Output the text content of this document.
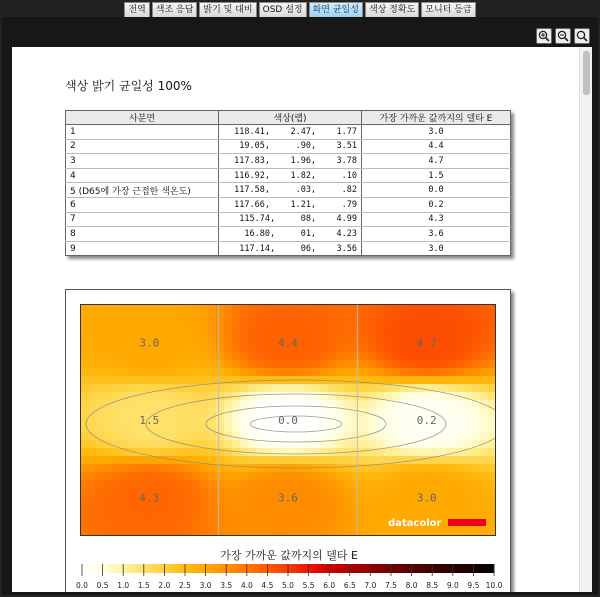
전역	색조 응답	밝기 및 대비	OSD 설정	화면 균일성	색상 정확도	모니터 등급
색상 밝기 균일성 100%
사분면	색상(랩)	가장 가까운 값까지의 델타 E
1	118.41,    2.47,    1.77	3.0
2	19.05,     .90,    3.51	4.4
3	117.83,    1.96,    3.78	4.7
4	116.92,    1.82,     .10	1.5
5 (D65에 가장 근접한 색온도)	117.58,     .03,     .82	0.0
6	117.66,    1.21,     .79	0.2
7	115.74,     08,    4.99	4.3
8	16.80,     01,    4.23	3.6
9	117.14,     06,    3.56	3.0
3.0	4.4	4.7
1.5	0.0	0.2
4.3	3.6	3.0
datacolor
가장 가까운 값까지의 델타 E
0.0 0.5 1.0 1.5 2.0 2.5 3.0 3.5 4.0 4.5 5.0 5.5 6.0 6.5 7.0 7.5 8.0 8.5 9.0 9.5 10.0
